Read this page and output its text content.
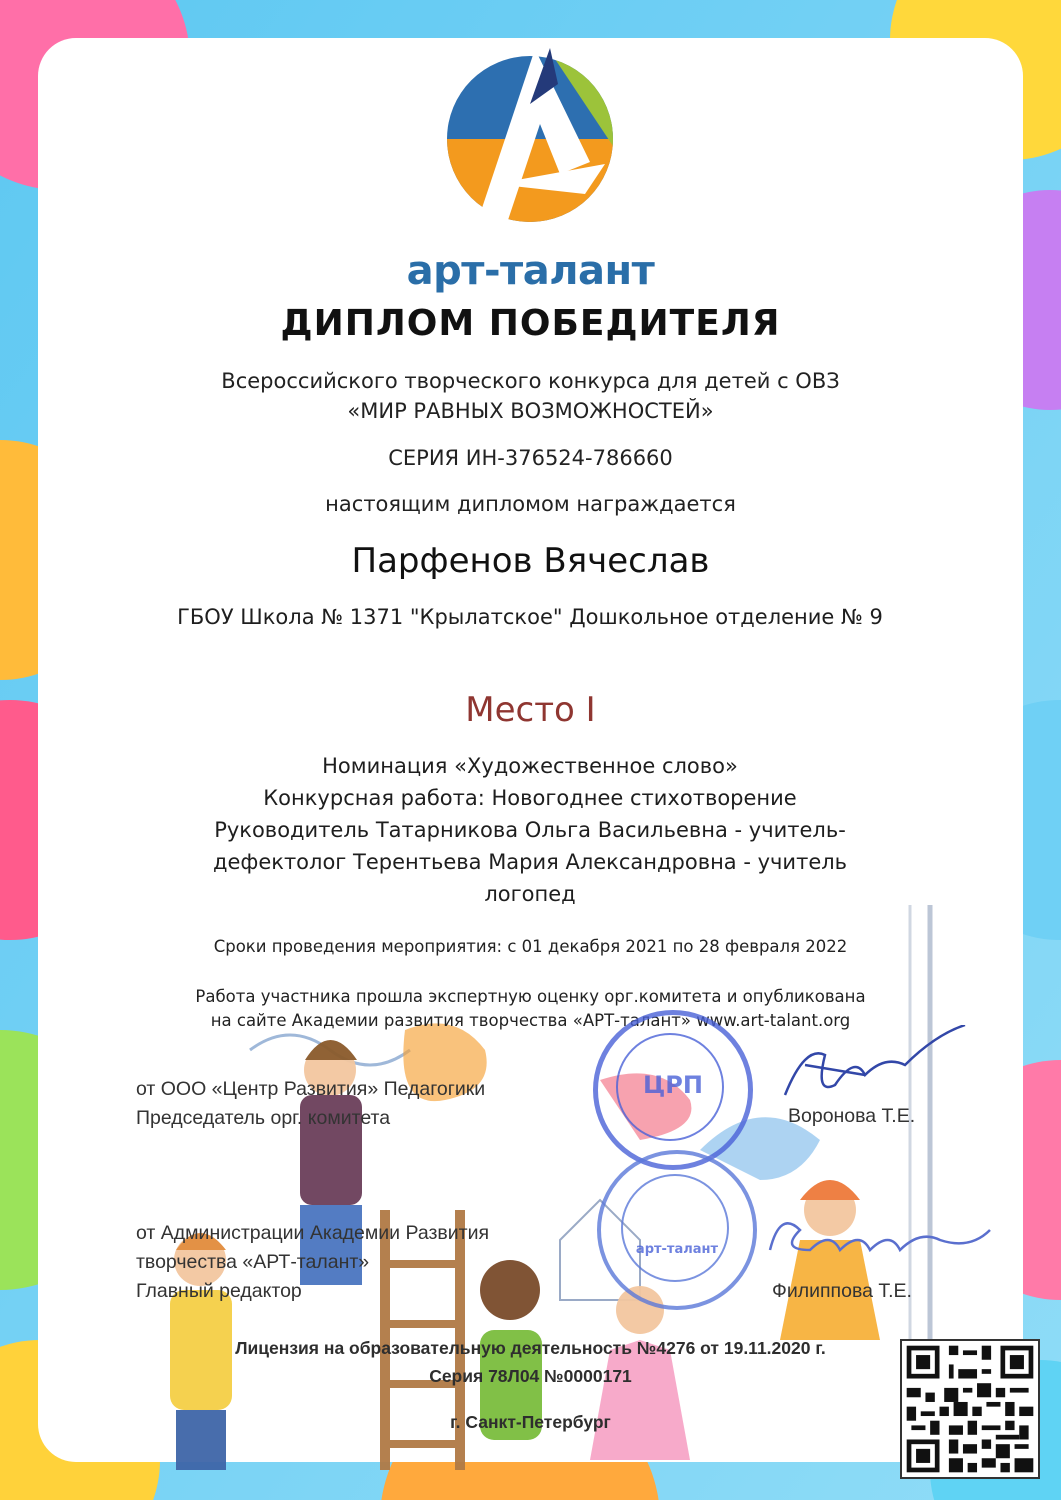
арт-талант
ДИПЛОМ ПОБЕДИТЕЛЯ
Всероссийского творческого конкурса для детей с ОВЗ
«МИР РАВНЫХ ВОЗМОЖНОСТЕЙ»
СЕРИЯ ИН-376524-786660
настоящим дипломом награждается
Парфенов Вячеслав
ГБОУ Школа № 1371 "Крылатское" Дошкольное отделение № 9
Место I
Номинация «Художественное слово»
Конкурсная работа: Новогоднее стихотворение
Руководитель Татарникова Ольга Васильевна - учитель-дефектолог Терентьева Мария Александровна - учитель логопед
Сроки проведения мероприятия: с 01 декабря 2021 по 28 февраля 2022
Работа участника прошла экспертную оценку орг.комитета и опубликована
на сайте Академии развития творчества «АРТ-талант» www.art-talant.org
ЦРП
арт-талант
от ООО «Центр Развития» Педагогики
Председатель орг. комитета	Воронова Т.Е.
от Администрации Академии Развития
творчества «АРТ-талант»
Главный редактор	Филиппова Т.Е.
Лицензия на образовательную деятельность №4276 от 19.11.2020 г.
Серия 78Л04 №0000171
г. Санкт-Петербург
